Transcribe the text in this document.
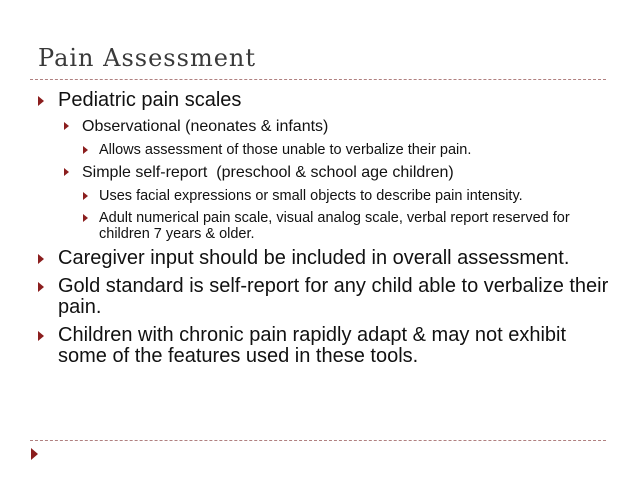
Pain Assessment
Pediatric pain scales
Observational (neonates & infants)
Allows assessment of those unable to verbalize their pain.
Simple self-report  (preschool & school age children)
Uses facial expressions or small objects to describe pain intensity.
Adult numerical pain scale, visual analog scale, verbal report reserved for children 7 years & older.
Caregiver input should be included in overall assessment.
Gold standard is self-report for any child able to verbalize their pain.
Children with chronic pain rapidly adapt & may not exhibit some of the features used in these tools.
